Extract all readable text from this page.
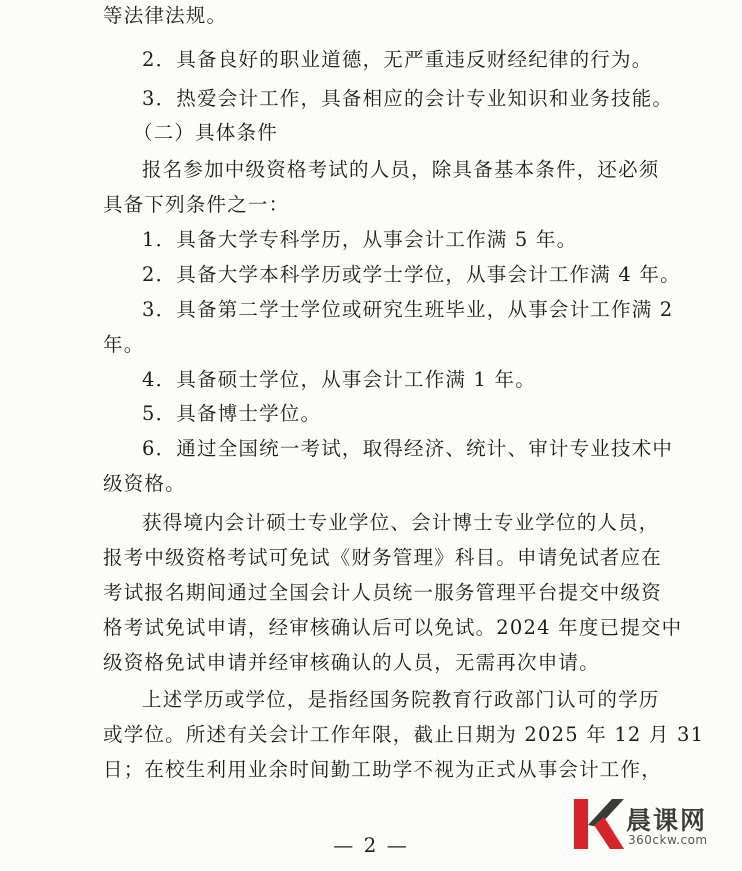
等法律法规。
2．具备良好的职业道德，无严重违反财经纪律的行为。
3．热爱会计工作，具备相应的会计专业知识和业务技能。
（二）具体条件
报名参加中级资格考试的人员，除具备基本条件，还必须
具备下列条件之一：
1．具备大学专科学历，从事会计工作满 5 年。
2．具备大学本科学历或学士学位，从事会计工作满 4 年。
3．具备第二学士学位或研究生班毕业，从事会计工作满 2
年。
4．具备硕士学位，从事会计工作满 1 年。
5．具备博士学位。
6．通过全国统一考试，取得经济、统计、审计专业技术中
级资格。
获得境内会计硕士专业学位、会计博士专业学位的人员，
报考中级资格考试可免试《财务管理》科目。申请免试者应在
考试报名期间通过全国会计人员统一服务管理平台提交中级资
格考试免试申请，经审核确认后可以免试。2024 年度已提交中
级资格免试申请并经审核确认的人员，无需再次申请。
上述学历或学位，是指经国务院教育行政部门认可的学历
或学位。所述有关会计工作年限，截止日期为 2025 年 12 月 31
日；在校生利用业余时间勤工助学不视为正式从事会计工作，
— 2 —
晨课网
360ckw.com
